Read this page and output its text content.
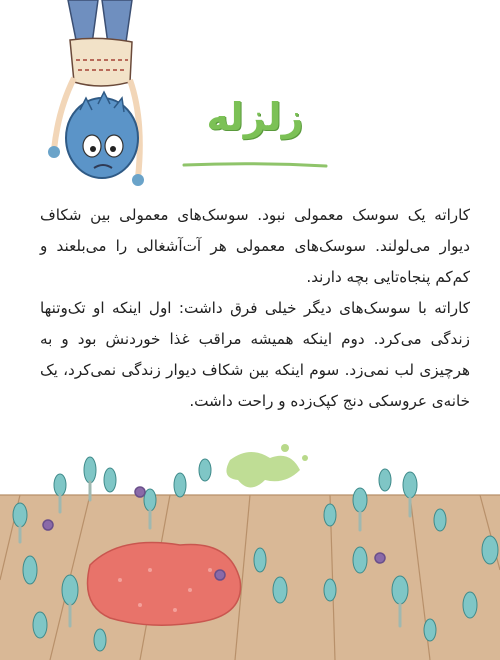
زلزله

کاراته یک سوسک معمولی نبود. سوسک‌های معمولی بین شکاف دیوار می‌لولند. سوسک‌های معمولی هر آت‌آشغالی را می‌بلعند و کم‌کم پنجاه‌تایی بچه دارند.

کاراته با سوسک‌های دیگر خیلی فرق داشت: اول اینکه او تک‌وتنها زندگی می‌کرد. دوم اینکه همیشه مراقب غذا خوردنش بود و به هرچیزی لب نمی‌زد. سوم اینکه بین شکاف دیوار زندگی نمی‌کرد، یک خانه‌ی عروسکی دنج کپک‌زده و راحت داشت.
